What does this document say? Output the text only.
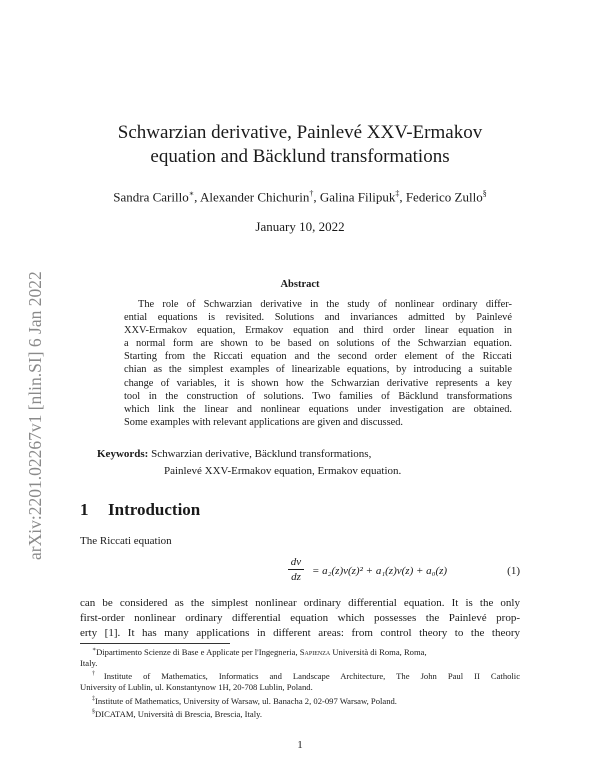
arXiv:2201.02267v1 [nlin.SI] 6 Jan 2022
Schwarzian derivative, Painlevé XXV-Ermakov
equation and Bäcklund transformations
Sandra Carillo∗, Alexander Chichurin†, Galina Filipuk‡, Federico Zullo§
January 10, 2022
Abstract
The role of Schwarzian derivative in the study of nonlinear ordinary differ-
ential equations is revisited. Solutions and invariances admitted by Painlevé
XXV-Ermakov equation, Ermakov equation and third order linear equation in
a normal form are shown to be based on solutions of the Schwarzian equation.
Starting from the Riccati equation and the second order element of the Riccati
chian as the simplest examples of linearizable equations, by introducing a suitable
change of variables, it is shown how the Schwarzian derivative represents a key
tool in the construction of solutions. Two families of Bäcklund transformations
which link the linear and nonlinear equations under investigation are obtained.
Some examples with relevant applications are given and discussed.
Keywords: Schwarzian derivative, Bäcklund transformations,
Painlevé XXV-Ermakov equation, Ermakov equation.
1 Introduction
The Riccati equation
dv
dz = a₂(z)v(z)² + a₁(z)v(z) + a₀(z)	(1)
can be considered as the simplest nonlinear ordinary differential equation. It is the only
first-order nonlinear ordinary differential equation which possesses the Painlevé prop-
erty [1]. It has many applications in different areas: from control theory to the theory

∗Dipartimento Scienze di Base e Applicate per l'Ingegneria, Sapienza Università di Roma, Roma,

Italy.

†Institute of Mathematics, Informatics and Landscape Architecture, The John Paul II Catholic

University of Lublin, ul. Konstantynow 1H, 20-708 Lublin, Poland.

‡Institute of Mathematics, University of Warsaw, ul. Banacha 2, 02-097 Warsaw, Poland.

§DICATAM, Università di Brescia, Brescia, Italy.

1
